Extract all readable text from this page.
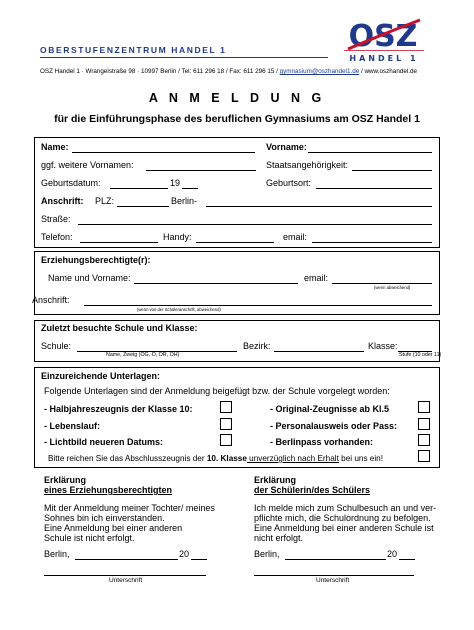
OBERSTUFENZENTRUM HANDEL 1
OSZ Handel 1 · Wrangelstraße 98 · 10997 Berlin / Tel: 611 296 18 / Fax: 611 296 15 / gymnasium@oszhandel1.de / www.oszhandel.de
OSZ
HANDEL 1
A N M E L D U N G
für die Einführungsphase des beruflichen Gymnasiums am OSZ Handel 1
Name:	Vorname:
ggf. weitere Vornamen:	Staatsangehörigkeit:
Geburtsdatum:	19	Geburtsort:
Anschrift: PLZ:	Berlin-
Straße:
Telefon:	Handy:	email:
Erziehungsberechtigte(r):
Name und Vorname:	email:
(wenn abweichend)
Anschrift:
(wenn von der Schüleranschrift, abweichend)
Zuletzt besuchte Schule und Klasse:
Schule:	Bezirk:	Klasse:
Name, Zweig (OG, O, OR, OH)	Stufe (10 oder 11)
Einzureichende Unterlagen:
Folgende Unterlagen sind der Anmeldung beigefügt bzw. der Schule vorgelegt worden:
- Halbjahreszeugnis der Klasse 10:	- Original-Zeugnisse ab Kl.5
- Lebenslauf:	- Personalausweis oder Pass:
- Lichtbild neueren Datums:	- Berlinpass vorhanden:
Bitte reichen Sie das Abschlusszeugnis der 10. Klasse unverzüglich nach Erhalt bei uns ein!
Erklärung
eines Erziehungsberechtigten
Mit der Anmeldung meiner Tochter/ meines
Sohnes bin ich einverstanden.
Eine Anmeldung bei einer anderen
Schule ist nicht erfolgt.
Berlin,	20
Unterschrift
Erklärung
der Schülerin/des Schülers
Ich melde mich zum Schulbesuch an und ver-
pflichte mich, die Schulordnung zu befolgen.
Eine Anmeldung bei einer anderen Schule ist
nicht erfolgt.
Berlin,	20
Unterschrift
